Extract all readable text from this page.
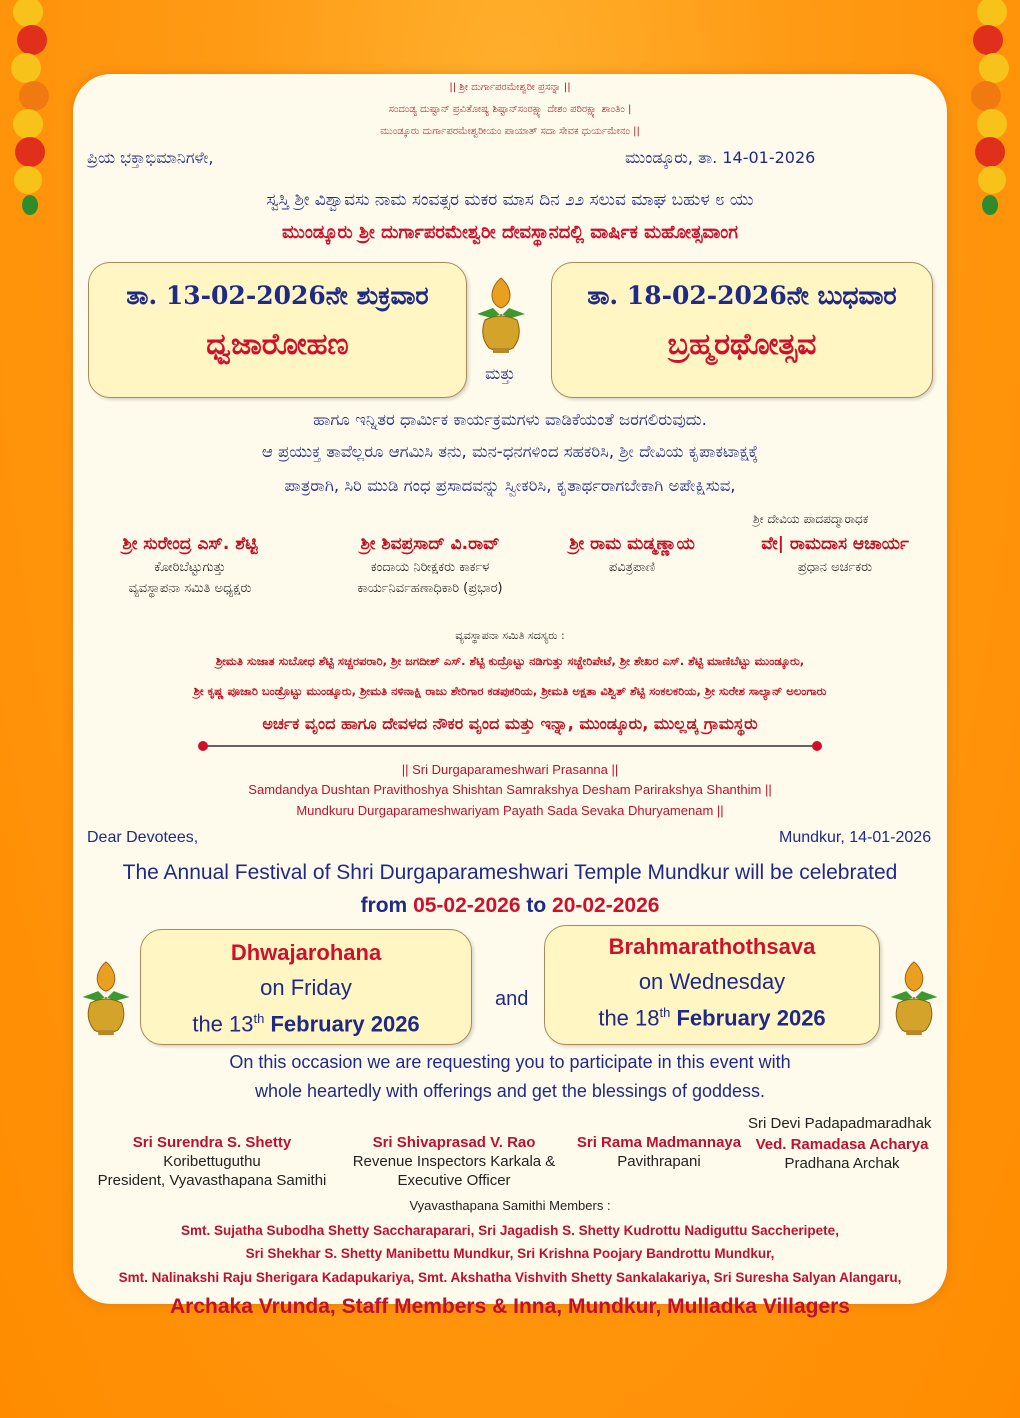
|| ಶ್ರೀ ದುರ್ಗಾಪರಮೇಶ್ವರೀ ಪ್ರಸನ್ನಾ ||
ಸಂದಂಡ್ಯ ದುಷ್ಟಾನ್ ಪ್ರವಿತೋಷ್ಯ ಶಿಷ್ಟಾನ್‌ಸಂರಕ್ಷ್ಯಾ ದೇಶಂ ಪರಿರಕ್ಷ್ಯಾ ಶಾಂತಿಂ |
ಮುಂಡ್ಕೂರು ದುರ್ಗಾಪರಮೇಶ್ವರೀಯಂ ಪಾಯಾತ್ ಸದಾ ಸೇವಕ ಧುರ್ಯಮೇನಂ ||
ಪ್ರಿಯ ಭಕ್ತಾಭಿಮಾನಿಗಳೇ,	ಮುಂಡ್ಕೂರು, ತಾ. 14-01-2026
ಸ್ವಸ್ತಿ ಶ್ರೀ ವಿಶ್ವಾವಸು ನಾಮ ಸಂವತ್ಸರ ಮಕರ ಮಾಸ ದಿನ ೨೨ ಸಲುವ ಮಾಘ ಬಹುಳ ೮ ಯು
ಮುಂಡ್ಕೂರು ಶ್ರೀ ದುರ್ಗಾಪರಮೇಶ್ವರೀ ದೇವಸ್ಥಾನದಲ್ಲಿ ವಾರ್ಷಿಕ ಮಹೋತ್ಸವಾಂಗ
ತಾ. 13-02-2026ನೇ ಶುಕ್ರವಾರ
ಧ್ವಜಾರೋಹಣ
ಮತ್ತು
ತಾ. 18-02-2026ನೇ ಬುಧವಾರ
ಬ್ರಹ್ಮರಥೋತ್ಸವ
ಹಾಗೂ ಇನ್ನಿತರ ಧಾರ್ಮಿಕ ಕಾರ್ಯಕ್ರಮಗಳು ವಾಡಿಕೆಯಂತೆ ಜರಗಲಿರುವುದು.
ಆ ಪ್ರಯುಕ್ತ ತಾವೆಲ್ಲರೂ ಆಗಮಿಸಿ ತನು, ಮನ-ಧನಗಳಿಂದ ಸಹಕರಿಸಿ, ಶ್ರೀ ದೇವಿಯ ಕೃಪಾಕಟಾಕ್ಷಕ್ಕೆ
ಪಾತ್ರರಾಗಿ, ಸಿರಿ ಮುಡಿ ಗಂಧ ಪ್ರಸಾದವನ್ನು ಸ್ವೀಕರಿಸಿ, ಕೃತಾರ್ಥರಾಗಬೇಕಾಗಿ ಅಪೇಕ್ಷಿಸುವ,
ಶ್ರೀ ದೇವಿಯ ಪಾದಪದ್ಮಾರಾಧಕ
ಶ್ರೀ ಸುರೇಂದ್ರ ಎಸ್. ಶೆಟ್ಟಿ
ಕೋರಿಬೆಟ್ಟುಗುತ್ತು
ವ್ಯವಸ್ಥಾಪನಾ ಸಮಿತಿ ಅಧ್ಯಕ್ಷರು
ಶ್ರೀ ಶಿವಪ್ರಸಾದ್ ವಿ.ರಾವ್
ಕಂದಾಯ ನಿರೀಕ್ಷಕರು ಕಾರ್ಕಳ
ಕಾರ್ಯನಿರ್ವಹಣಾಧಿಕಾರಿ (ಪ್ರಭಾರ)
ಶ್ರೀ ರಾಮ ಮಡ್ಮಣ್ಣಾಯ
ಪವಿತ್ರಪಾಣಿ
ವೇ| ರಾಮದಾಸ ಆಚಾರ್ಯ
ಪ್ರಧಾನ ಅರ್ಚಕರು
ವ್ಯವಸ್ಥಾಪನಾ ಸಮಿತಿ ಸದಸ್ಯರು :
ಶ್ರೀಮತಿ ಸುಜಾತ ಸುಬೋಧ ಶೆಟ್ಟಿ ಸಚ್ಚರಪರಾರಿ, ಶ್ರೀ ಜಗದೀಶ್ ಎಸ್. ಶೆಟ್ಟಿ ಕುದ್ರೊಟ್ಟು ನಡಿಗುತ್ತು ಸಚ್ಚೇರಿಪೇಟೆ, ಶ್ರೀ ಶೇಖರ ಎಸ್. ಶೆಟ್ಟಿ ಮಾಣಿಬೆಟ್ಟು ಮುಂಡ್ಕೂರು,
ಶ್ರೀ ಕೃಷ್ಣ ಪೂಜಾರಿ ಬಂಡ್ರೊಟ್ಟು ಮುಂಡ್ಕೂರು, ಶ್ರೀಮತಿ ನಳಿನಾಕ್ಷಿ ರಾಜು ಶೇರಿಗಾರ ಕಡಪುಕರಿಯ, ಶ್ರೀಮತಿ ಅಕ್ಷತಾ ವಿಶ್ವಿತ್ ಶೆಟ್ಟಿ ಸಂಕಲಕರಿಯ, ಶ್ರೀ ಸುರೇಶ ಸಾಲ್ಯಾನ್ ಅಲಂಗಾರು
ಅರ್ಚಕ ವೃಂದ ಹಾಗೂ ದೇವಳದ ನೌಕರ ವೃಂದ ಮತ್ತು ಇನ್ನಾ, ಮುಂಡ್ಕೂರು, ಮುಲ್ಲಡ್ಕ ಗ್ರಾಮಸ್ಥರು
|| Sri Durgaparameshwari Prasanna ||
Samdandya Dushtan Pravithoshya Shishtan Samrakshya Desham Parirakshya Shanthim ||
Mundkuru Durgaparameshwariyam Payath Sada Sevaka Dhuryamenam ||
Dear Devotees,	Mundkur, 14-01-2026
The Annual Festival of Shri Durgaparameshwari Temple Mundkur will be celebrated
from 05-02-2026 to 20-02-2026
Dhwajarohana
on Friday
the 13th February 2026
and
Brahmarathothsava
on Wednesday
the 18th February 2026
On this occasion we are requesting you to participate in this event with
whole heartedly with offerings and get the blessings of goddess.
Sri Devi Padapadmaradhak
Sri Surendra S. Shetty
Koribettuguthu
President, Vyavasthapana Samithi
Sri Shivaprasad V. Rao
Revenue Inspectors Karkala &
Executive Officer
Sri Rama Madmannaya
Pavithrapani
Ved. Ramadasa Acharya
Pradhana Archak
Vyavasthapana Samithi Members :
Smt. Sujatha Subodha Shetty Saccharaparari, Sri Jagadish S. Shetty Kudrottu Nadiguttu Saccheripete,
Sri Shekhar S. Shetty Manibettu Mundkur, Sri Krishna Poojary Bandrottu Mundkur,
Smt. Nalinakshi Raju Sherigara Kadapukariya, Smt. Akshatha Vishvith Shetty Sankalakariya, Sri Suresha Salyan Alangaru,
Archaka Vrunda, Staff Members & Inna, Mundkur, Mulladka Villagers
